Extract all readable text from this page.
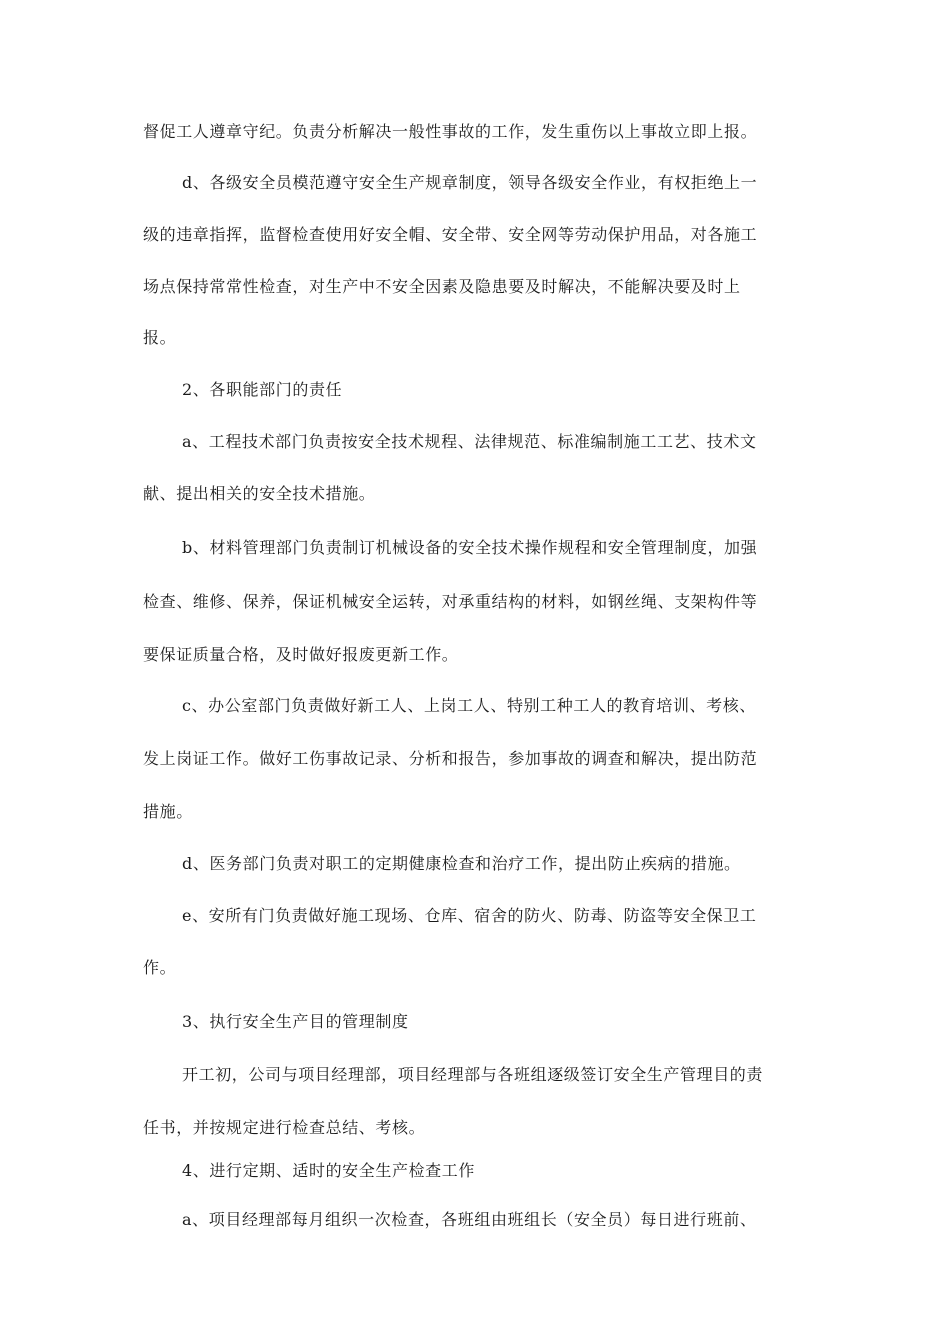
督促工人遵章守纪。负责分析解决一般性事故的工作，发生重伤以上事故立即上报。
d、各级安全员模范遵守安全生产规章制度，领导各级安全作业，有权拒绝上一
级的违章指挥，监督检查使用好安全帽、安全带、安全网等劳动保护用品，对各施工
场点保持常常性检查，对生产中不安全因素及隐患要及时解决，不能解决要及时上
报。
2、各职能部门的责任
a、工程技术部门负责按安全技术规程、法律规范、标准编制施工工艺、技术文
献、提出相关的安全技术措施。
b、材料管理部门负责制订机械设备的安全技术操作规程和安全管理制度，加强
检查、维修、保养，保证机械安全运转，对承重结构的材料，如钢丝绳、支架构件等
要保证质量合格，及时做好报废更新工作。
c、办公室部门负责做好新工人、上岗工人、特别工种工人的教育培训、考核、
发上岗证工作。做好工伤事故记录、分析和报告，参加事故的调查和解决，提出防范
措施。
d、医务部门负责对职工的定期健康检查和治疗工作，提出防止疾病的措施。
e、安所有门负责做好施工现场、仓库、宿舍的防火、防毒、防盗等安全保卫工
作。
3、执行安全生产目的管理制度
开工初，公司与项目经理部，项目经理部与各班组逐级签订安全生产管理目的责
任书，并按规定进行检查总结、考核。
4、进行定期、适时的安全生产检查工作
a、项目经理部每月组织一次检查，各班组由班组长（安全员）每日进行班前、
